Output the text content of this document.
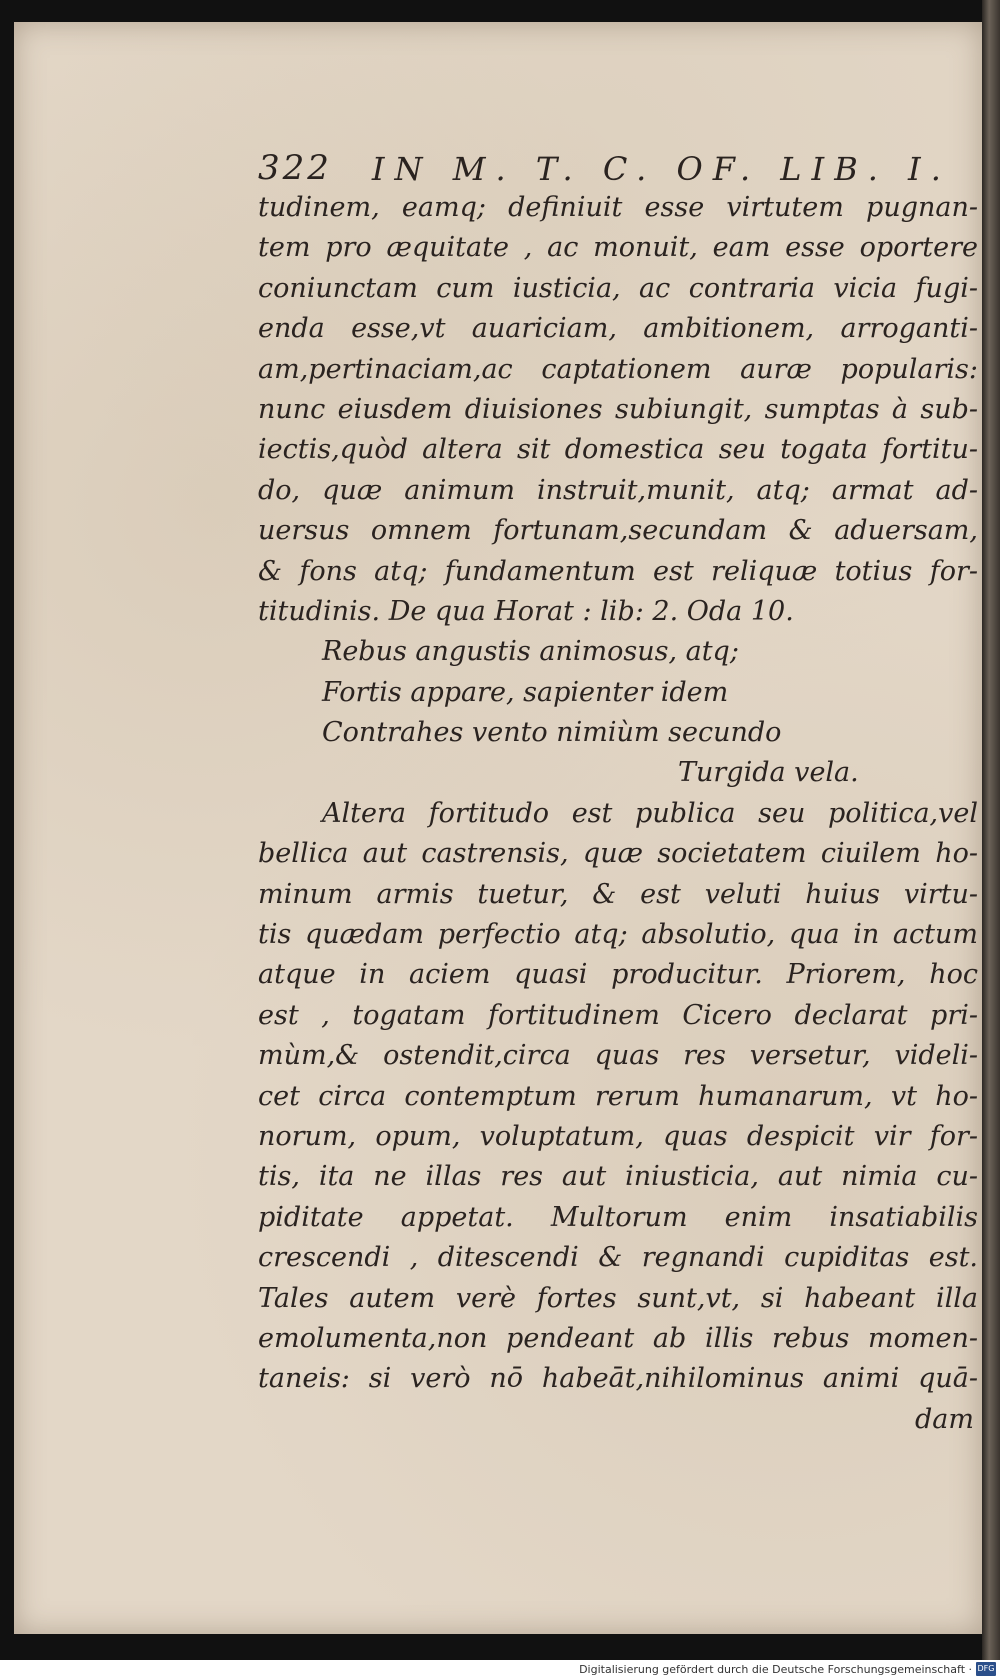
322 IN M. T. C. OF. LIB. I.
tudinem, eamq; definiuit esse virtutem pugnan-
tem pro æquitate , ac monuit, eam esse oportere
coniunctam cum iusticia, ac contraria vicia fugi-
enda esse,vt auariciam, ambitionem, arroganti-
am,pertinaciam,ac captationem auræ popularis:
nunc eiusdem diuisiones subiungit, sumptas à sub-
iectis,quòd altera sit domestica seu togata fortitu-
do, quæ animum instruit,munit, atq; armat ad-
uersus omnem fortunam,secundam & aduersam,
& fons atq; fundamentum est reliquæ totius for-
titudinis. De qua Horat : lib: 2. Oda 10.
Rebus angustis animosus, atq;
Fortis appare, sapienter idem
Contrahes vento nimiùm secundo
Turgida vela.
Altera fortitudo est publica seu politica,vel
bellica aut castrensis, quæ societatem ciuilem ho-
minum armis tuetur, & est veluti huius virtu-
tis quædam perfectio atq; absolutio, qua in actum
atque in aciem quasi producitur. Priorem, hoc
est , togatam fortitudinem Cicero declarat pri-
mùm,& ostendit,circa quas res versetur, videli-
cet circa contemptum rerum humanarum, vt ho-
norum, opum, voluptatum, quas despicit vir for-
tis, ita ne illas res aut iniusticia, aut nimia cu-
piditate appetat. Multorum enim insatiabilis
crescendi , ditescendi & regnandi cupiditas est.
Tales autem verè fortes sunt,vt, si habeant illa
emolumenta,non pendeant ab illis rebus momen-
taneis: si verò nō habeāt,nihilominus animi quā-
dam
Digitalisierung gefördert durch die Deutsche Forschungsgemeinschaft · DFG
